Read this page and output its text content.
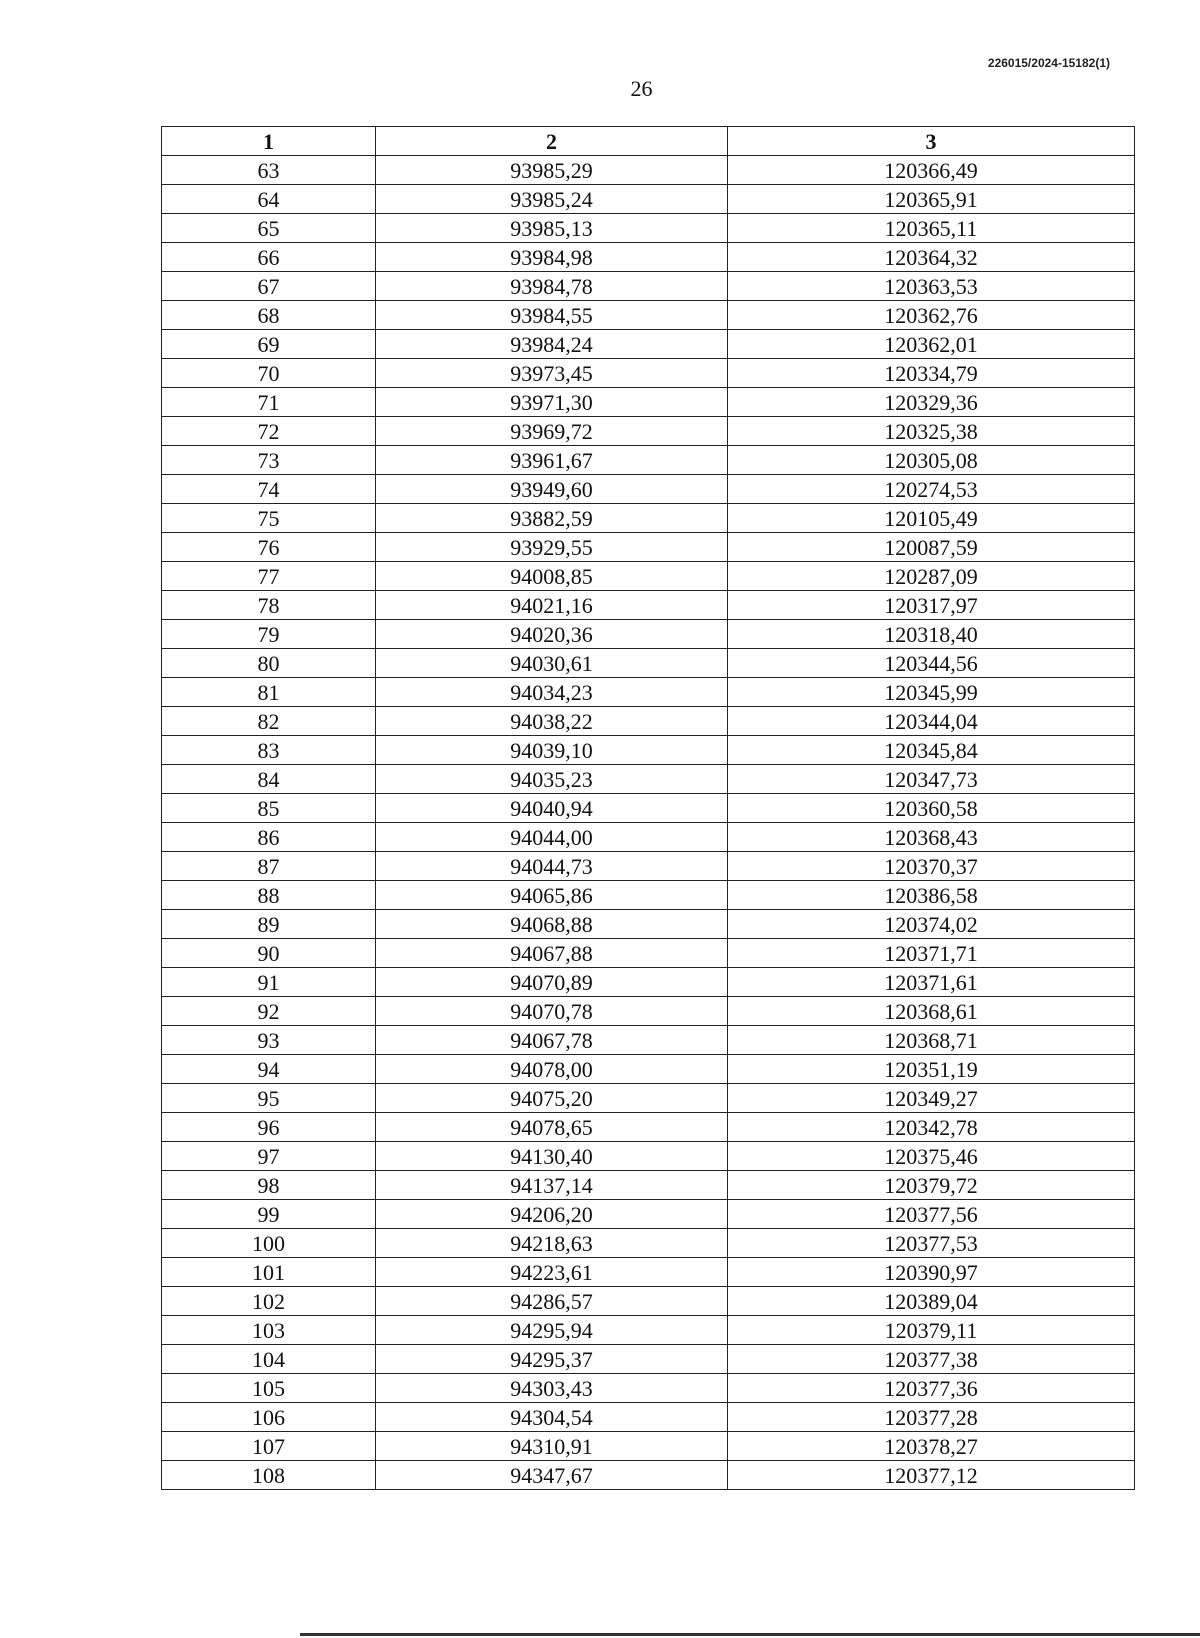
226015/2024-15182(1)
26
1	2	3
63	93985,29	120366,49
64	93985,24	120365,91
65	93985,13	120365,11
66	93984,98	120364,32
67	93984,78	120363,53
68	93984,55	120362,76
69	93984,24	120362,01
70	93973,45	120334,79
71	93971,30	120329,36
72	93969,72	120325,38
73	93961,67	120305,08
74	93949,60	120274,53
75	93882,59	120105,49
76	93929,55	120087,59
77	94008,85	120287,09
78	94021,16	120317,97
79	94020,36	120318,40
80	94030,61	120344,56
81	94034,23	120345,99
82	94038,22	120344,04
83	94039,10	120345,84
84	94035,23	120347,73
85	94040,94	120360,58
86	94044,00	120368,43
87	94044,73	120370,37
88	94065,86	120386,58
89	94068,88	120374,02
90	94067,88	120371,71
91	94070,89	120371,61
92	94070,78	120368,61
93	94067,78	120368,71
94	94078,00	120351,19
95	94075,20	120349,27
96	94078,65	120342,78
97	94130,40	120375,46
98	94137,14	120379,72
99	94206,20	120377,56
100	94218,63	120377,53
101	94223,61	120390,97
102	94286,57	120389,04
103	94295,94	120379,11
104	94295,37	120377,38
105	94303,43	120377,36
106	94304,54	120377,28
107	94310,91	120378,27
108	94347,67	120377,12
